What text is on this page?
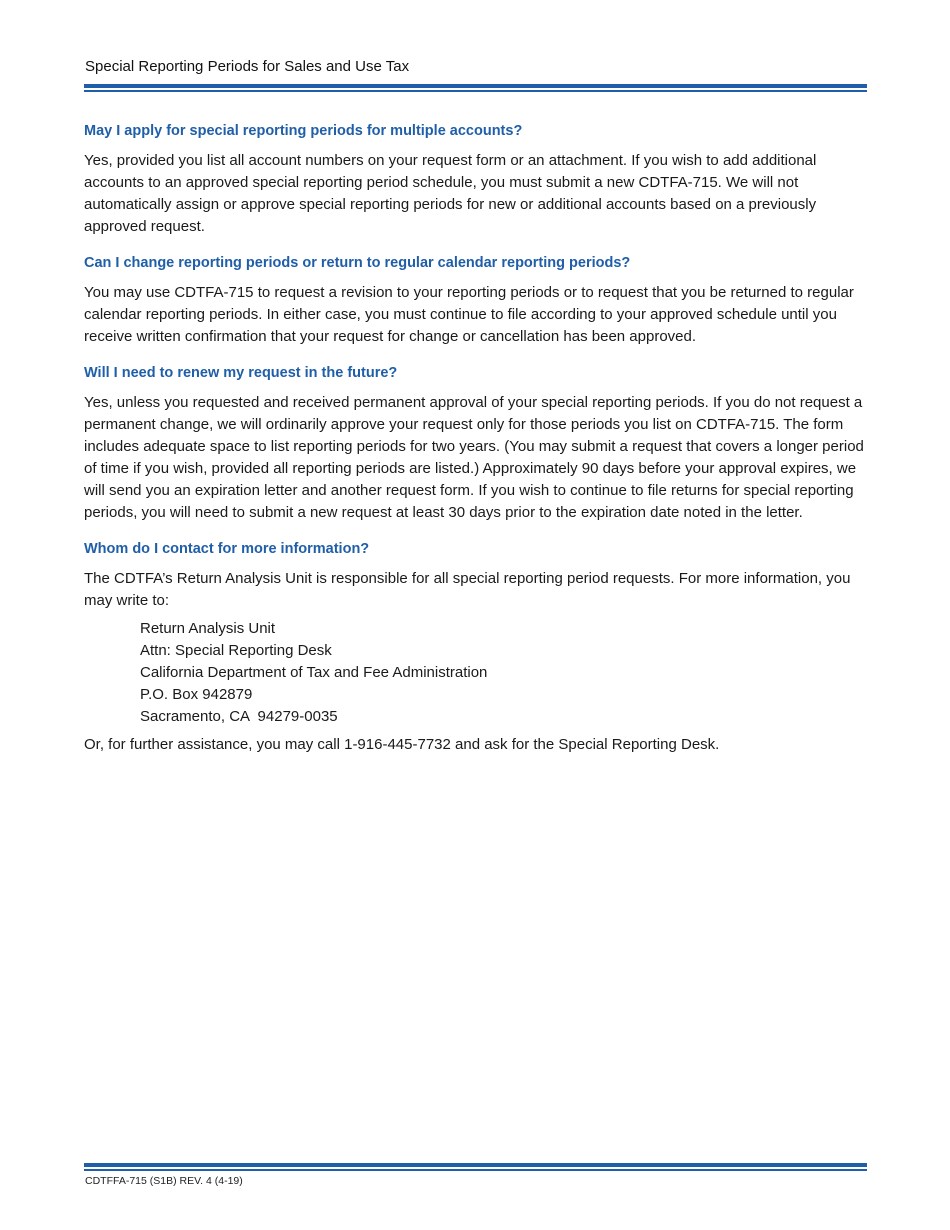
Special Reporting Periods for Sales and Use Tax
May I apply for special reporting periods for multiple accounts?

Yes, provided you list all account numbers on your request form or an attachment. If you wish to add additional accounts to an approved special reporting period schedule, you must submit a new CDTFA-715. We will not automatically assign or approve special reporting periods for new or additional accounts based on a previously approved request.

Can I change reporting periods or return to regular calendar reporting periods?

You may use CDTFA-715 to request a revision to your reporting periods or to request that you be returned to regular calendar reporting periods. In either case, you must continue to file according to your approved schedule until you receive written confirmation that your request for change or cancellation has been approved.

Will I need to renew my request in the future?

Yes, unless you requested and received permanent approval of your special reporting periods. If you do not request a permanent change, we will ordinarily approve your request only for those periods you list on CDTFA-715. The form includes adequate space to list reporting periods for two years. (You may submit a request that covers a longer period of time if you wish, provided all reporting periods are listed.) Approximately 90 days before your approval expires, we will send you an expiration letter and another request form. If you wish to continue to file returns for special reporting periods, you will need to submit a new request at least 30 days prior to the expiration date noted in the letter.

Whom do I contact for more information?

The CDTFA’s Return Analysis Unit is responsible for all special reporting period requests. For more information, you may write to:

Return Analysis Unit
Attn: Special Reporting Desk
California Department of Tax and Fee Administration
P.O. Box 942879
Sacramento, CA  94279-0035

Or, for further assistance, you may call 1-916-445-7732 and ask for the Special Reporting Desk.

CDTFFA-715 (S1B) REV. 4 (4-19)
